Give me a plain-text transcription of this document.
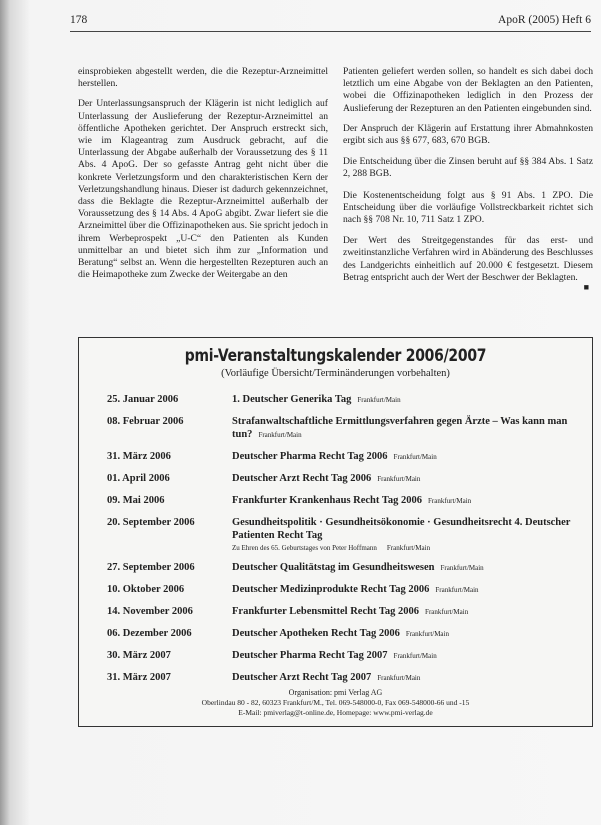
178	ApoR (2005) Heft 6

einsprobieken abgestellt werden, die die Rezeptur-Arzneimittel herstellen.

Der Unterlassungsanspruch der Klägerin ist nicht lediglich auf Unterlassung der Auslieferung der Rezeptur-Arzneimittel an öffentliche Apotheken gerichtet. Der Anspruch erstreckt sich, wie im Klageantrag zum Ausdruck gebracht, auf die Unterlassung der Abgabe außerhalb der Voraussetzung des § 11 Abs. 4 ApoG. Der so gefasste Antrag geht nicht über die konkrete Verletzungsform und den charakteristischen Kern der Verletzungshandlung hinaus. Dieser ist dadurch gekennzeichnet, dass die Beklagte die Rezeptur-Arzneimittel außerhalb der Voraussetzung des § 14 Abs. 4 ApoG abgibt. Zwar liefert sie die Arzneimittel über die Offizinapotheken aus. Sie spricht jedoch in ihrem Werbeprospekt „U-C“ den Patienten als Kunden unmittelbar an und bietet sich ihm zur „Information und Beratung“ selbst an. Wenn die hergestellten Rezepturen auch an die Heimapotheke zum Zwecke der Weitergabe an den

Patienten geliefert werden sollen, so handelt es sich dabei doch letztlich um eine Abgabe von der Beklagten an den Patienten, wobei die Offizinapotheken lediglich in den Prozess der Auslieferung der Rezepturen an den Patienten eingebunden sind.

Der Anspruch der Klägerin auf Erstattung ihrer Abmahnkosten ergibt sich aus §§ 677, 683, 670 BGB.

Die Entscheidung über die Zinsen beruht auf §§ 384 Abs. 1 Satz 2, 288 BGB.

Die Kostenentscheidung folgt aus § 91 Abs. 1 ZPO. Die Entscheidung über die vorläufige Vollstreckbarkeit richtet sich nach §§ 708 Nr. 10, 711 Satz 1 ZPO.

Der Wert des Streitgegenstandes für das erst- und zweitinstanzliche Verfahren wird in Abänderung des Beschlusses des Landgerichts einheitlich auf 20.000 € festgesetzt. Diesem Betrag entspricht auch der Wert der Beschwer der Beklagten.

■
pmi-Veranstaltungskalender 2006/2007
(Vorläufige Übersicht/Terminänderungen vorbehalten)
25. Januar 2006	1. Deutscher Generika Tag Frankfurt/Main
08. Februar 2006	Strafanwaltschaftliche Ermittlungsverfahren gegen Ärzte – Was kann man tun? Frankfurt/Main
31. März 2006	Deutscher Pharma Recht Tag 2006 Frankfurt/Main
01. April 2006	Deutscher Arzt Recht Tag 2006 Frankfurt/Main
09. Mai 2006	Frankfurter Krankenhaus Recht Tag 2006 Frankfurt/Main
20. September 2006	Gesundheitspolitik · Gesundheitsökonomie · Gesundheitsrecht 4. Deutscher Patienten Recht Tag
Zu Ehren des 65. Geburtstages von Peter Hoffmann Frankfurt/Main
27. September 2006	Deutscher Qualitätstag im Gesundheitswesen Frankfurt/Main
10. Oktober 2006	Deutscher Medizinprodukte Recht Tag 2006 Frankfurt/Main
14. November 2006	Frankfurter Lebensmittel Recht Tag 2006 Frankfurt/Main
06. Dezember 2006	Deutscher Apotheken Recht Tag 2006 Frankfurt/Main
30. März 2007	Deutscher Pharma Recht Tag 2007 Frankfurt/Main
31. März 2007	Deutscher Arzt Recht Tag 2007 Frankfurt/Main
Organisation: pmi Verlag AG
Oberlindau 80 - 82, 60323 Frankfurt/M., Tel. 069-548000-0, Fax 069-548000-66 und -15
E-Mail: pmiverlag@t-online.de, Homepage: www.pmi-verlag.de
